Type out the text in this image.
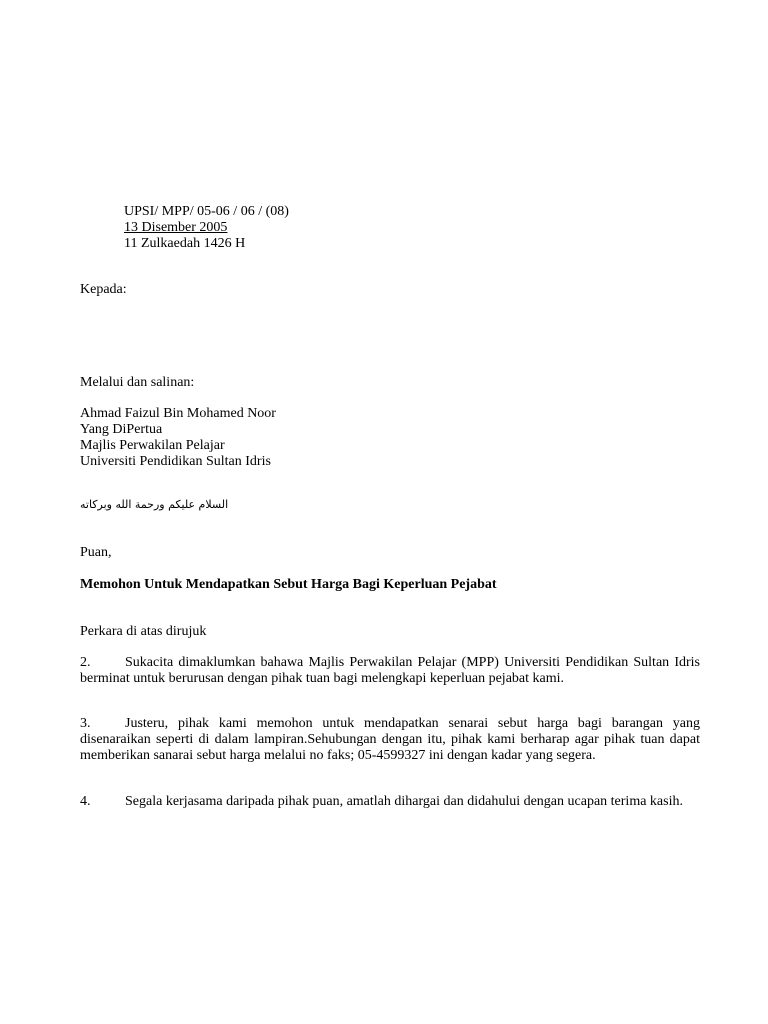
UPSI/ MPP/ 05-06 / 06 / (08)
13 Disember 2005
11 Zulkaedah 1426 H
Kepada:
Melalui dan salinan:
Ahmad Faizul Bin Mohamed Noor
Yang DiPertua
Majlis Perwakilan Pelajar
Universiti Pendidikan Sultan Idris
السلام عليكم ورحمة الله وبركاته
Puan,
Memohon Untuk Mendapatkan Sebut Harga Bagi Keperluan Pejabat
Perkara di atas dirujuk
2. Sukacita dimaklumkan bahawa Majlis Perwakilan Pelajar (MPP) Universiti Pendidikan Sultan Idris berminat untuk berurusan dengan pihak tuan bagi melengkapi keperluan pejabat kami.
3. Justeru, pihak kami memohon untuk mendapatkan senarai sebut harga bagi barangan yang disenaraikan seperti di dalam lampiran.Sehubungan dengan itu, pihak kami berharap agar pihak tuan dapat memberikan sanarai sebut harga melalui no faks; 05-4599327 ini dengan kadar yang segera.
4. Segala kerjasama daripada pihak puan, amatlah dihargai dan didahului dengan ucapan terima kasih.
